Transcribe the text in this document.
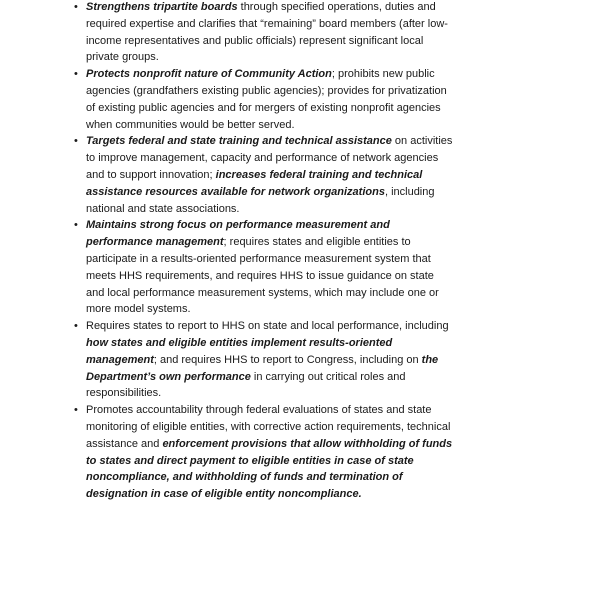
• Strengthens tripartite boards through specified operations, duties and required expertise and clarifies that “remaining” board members (after low-income representatives and public officials) represent significant local private groups.
• Protects nonprofit nature of Community Action; prohibits new public agencies (grandfathers existing public agencies); provides for privatization of existing public agencies and for mergers of existing nonprofit agencies when communities would be better served.
• Targets federal and state training and technical assistance on activities to improve management, capacity and performance of network agencies and to support innovation; increases federal training and technical assistance resources available for network organizations, including national and state associations.
• Maintains strong focus on performance measurement and performance management; requires states and eligible entities to participate in a results-oriented performance measurement system that meets HHS requirements, and requires HHS to issue guidance on state and local performance measurement systems, which may include one or more model systems.
• Requires states to report to HHS on state and local performance, including how states and eligible entities implement results-oriented management; and requires HHS to report to Congress, including on the Department’s own performance in carrying out critical roles and responsibilities.
• Promotes accountability through federal evaluations of states and state monitoring of eligible entities, with corrective action requirements, technical assistance and enforcement provisions that allow withholding of funds to states and direct payment to eligible entities in case of state noncompliance, and withholding of funds and termination of designation in case of eligible entity noncompliance.
